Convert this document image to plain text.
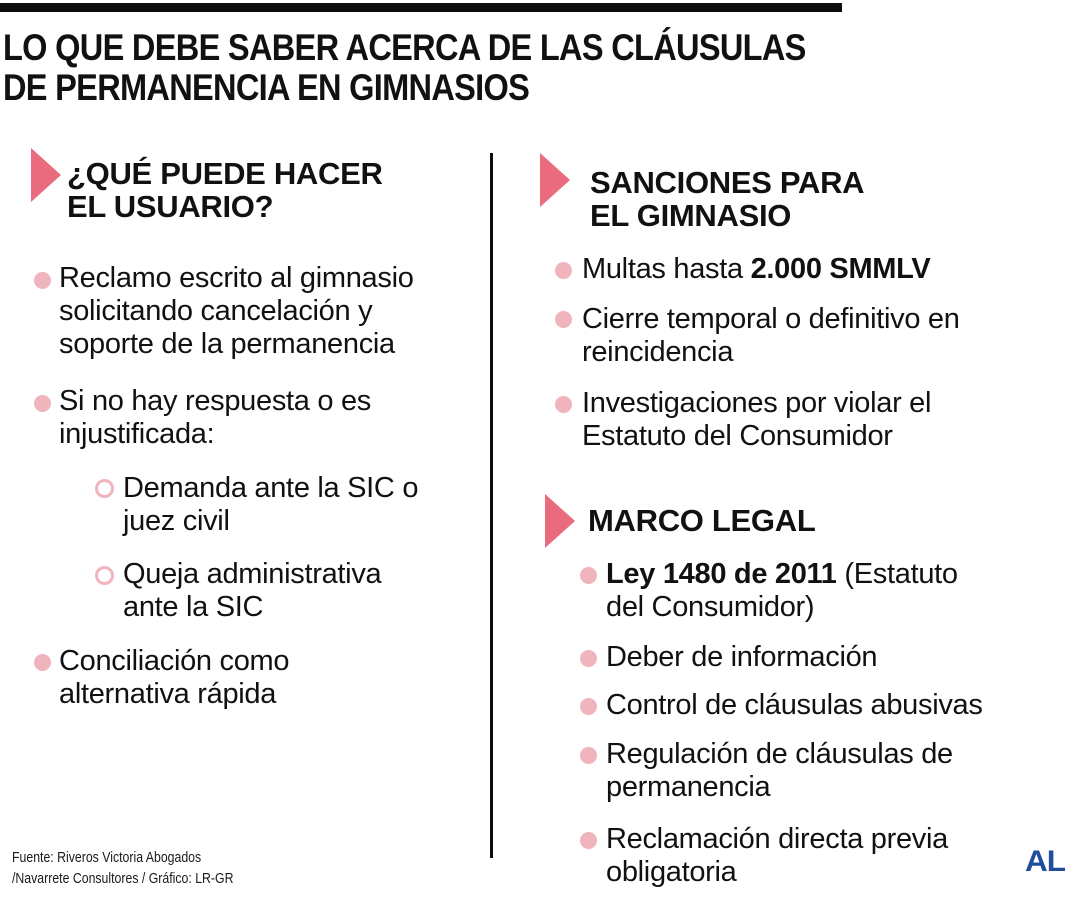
LO QUE DEBE SABER ACERCA DE LAS CLÁUSULAS
DE PERMANENCIA EN GIMNASIOS
¿QUÉ PUEDE HACER
EL USUARIO?
Reclamo escrito al gimnasio
solicitando cancelación y
soporte de la permanencia
Si no hay respuesta o es
injustificada:
Demanda ante la SIC o
juez civil
Queja administrativa
ante la SIC
Conciliación como
alternativa rápida
SANCIONES PARA
EL GIMNASIO
Multas hasta 2.000 SMMLV
Cierre temporal o definitivo en
reincidencia
Investigaciones por violar el
Estatuto del Consumidor
MARCO LEGAL
Ley 1480 de 2011 (Estatuto
del Consumidor)
Deber de información
Control de cláusulas abusivas
Regulación de cláusulas de
permanencia
Reclamación directa previa
obligatoria
Fuente: Riveros Victoria Abogados
/Navarrete Consultores / Gráfico: LR-GR
AL
